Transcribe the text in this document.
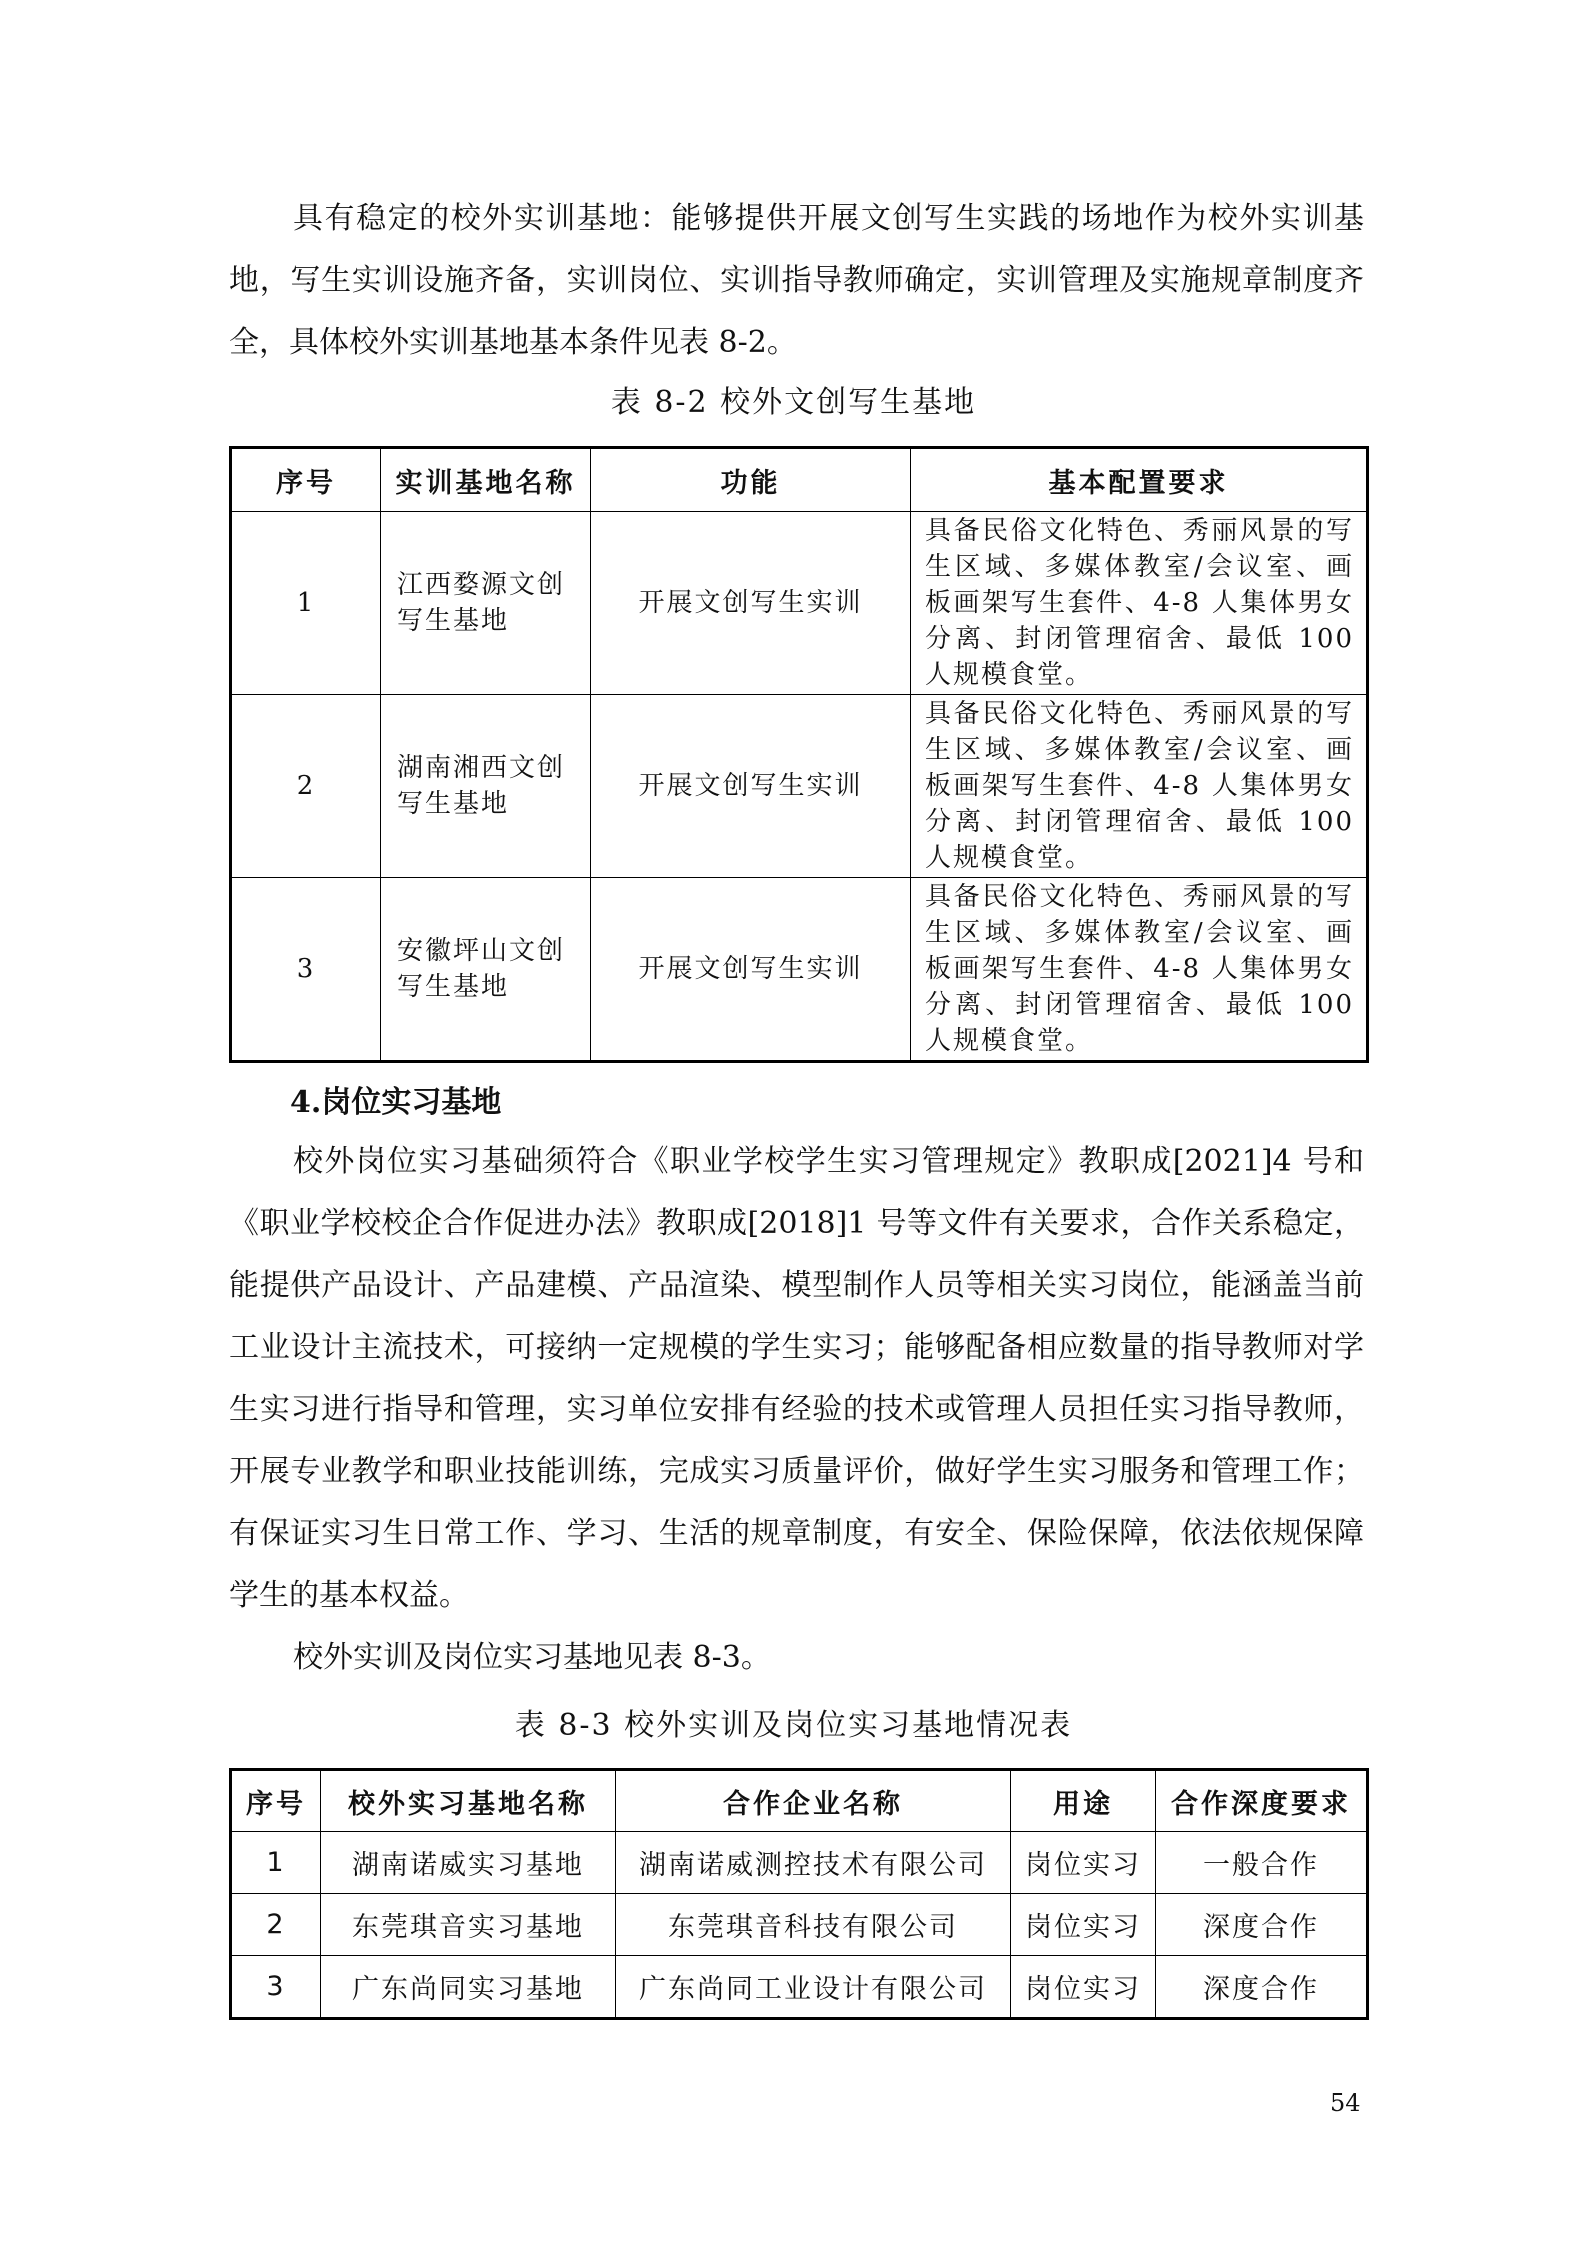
具有稳定的校外实训基地：能够提供开展文创写生实践的场地作为校外实训基地，写生实训设施齐备，实训岗位、实训指导教师确定，实训管理及实施规章制度齐全，具体校外实训基地基本条件见表 8-2。

表 8-2 校外文创写生基地

序号	实训基地名称	功能	基本配置要求
1	江西婺源文创写生基地	开展文创写生实训	具备民俗文化特色、秀丽风景的写生区域、多媒体教室/会议室、画板画架写生套件、4-8 人集体男女分离、封闭管理宿舍、最低 100 人规模食堂。
2	湖南湘西文创写生基地	开展文创写生实训	具备民俗文化特色、秀丽风景的写生区域、多媒体教室/会议室、画板画架写生套件、4-8 人集体男女分离、封闭管理宿舍、最低 100 人规模食堂。
3	安徽坪山文创写生基地	开展文创写生实训	具备民俗文化特色、秀丽风景的写生区域、多媒体教室/会议室、画板画架写生套件、4-8 人集体男女分离、封闭管理宿舍、最低 100 人规模食堂。

4.岗位实习基地

校外岗位实习基础须符合《职业学校学生实习管理规定》教职成[2021]4 号和《职业学校校企合作促进办法》教职成[2018]1 号等文件有关要求，合作关系稳定，能提供产品设计、产品建模、产品渲染、模型制作人员等相关实习岗位，能涵盖当前工业设计主流技术，可接纳一定规模的学生实习；能够配备相应数量的指导教师对学生实习进行指导和管理，实习单位安排有经验的技术或管理人员担任实习指导教师，开展专业教学和职业技能训练，完成实习质量评价，做好学生实习服务和管理工作；有保证实习生日常工作、学习、生活的规章制度，有安全、保险保障，依法依规保障学生的基本权益。

校外实训及岗位实习基地见表 8-3。

表 8-3 校外实训及岗位实习基地情况表

序号	校外实习基地名称	合作企业名称	用途	合作深度要求
1	湖南诺威实习基地	湖南诺威测控技术有限公司	岗位实习	一般合作
2	东莞琪音实习基地	东莞琪音科技有限公司	岗位实习	深度合作
3	广东尚同实习基地	广东尚同工业设计有限公司	岗位实习	深度合作
54
